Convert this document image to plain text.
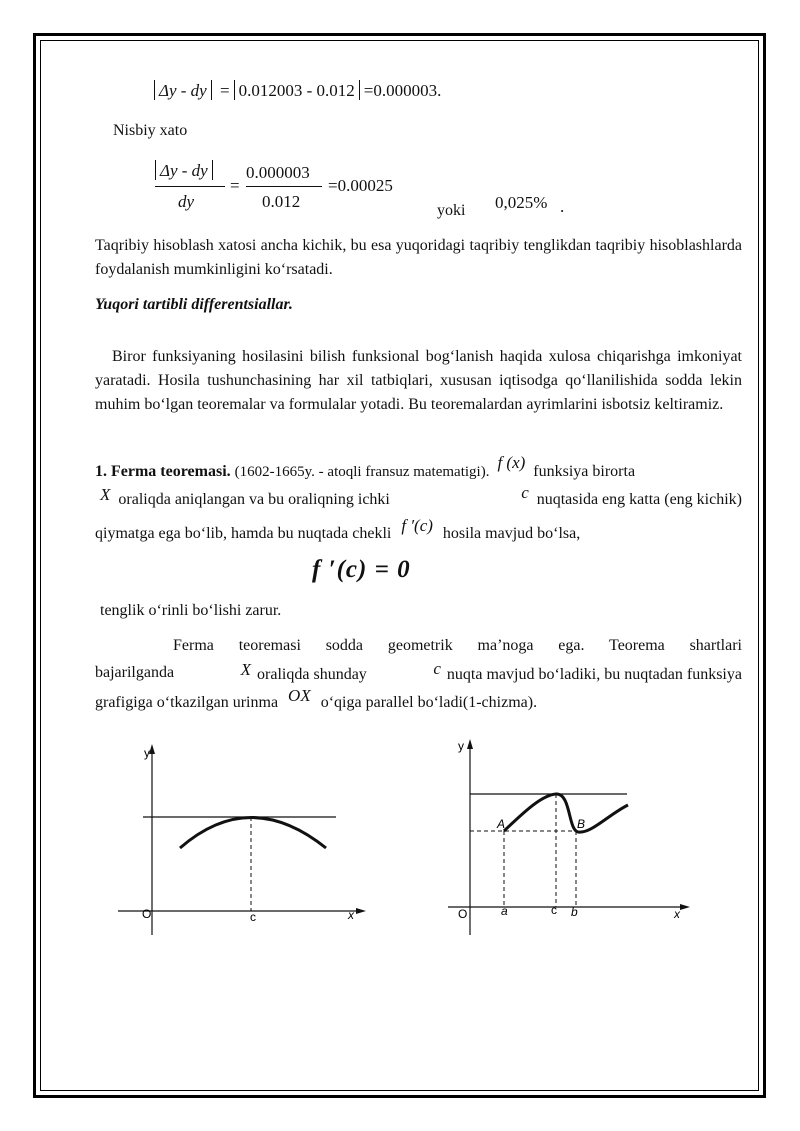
Δy - dy = 0.012003 - 0.012 =0.000003.
Nisbiy xato
Δy - dy
dy
=
0.000003
0.012
=0.00025
yoki 0,025% .
Taqribiy hisoblash xatosi ancha kichik, bu esa yuqoridagi taqribiy tenglikdan taqribiy hisoblashlarda foydalanish mumkinligini ko‘rsatadi.
Yuqori tartibli differentsiallar.
Biror funksiyaning hosilasini bilish funksional bog‘lanish haqida xulosa chiqarishga imkoniyat yaratadi. Hosila tushunchasining har xil tatbiqlari, xususan iqtisodga qo‘llanilishida sodda lekin muhim bo‘lgan teoremalar va formulalar yotadi. Bu teoremalardan ayrimlarini isbotsiz keltiramiz.
1. Ferma teoremasi. (1602-1665y. - atoqli fransuz matematigi). f (x) funksiya birorta
X oraliqda aniqlangan va bu oraliqning ichki	c nuqtasida eng katta (eng kichik)
qiymatga ega bo‘lib, hamda bu nuqtada chekli f ′(c) hosila mavjud bo‘lsa,
f ′(c) = 0
tenglik o‘rinli bo‘lishi zarur.
Ferma teoremasi sodda geometrik ma’noga ega. Teorema shartlari
bajarilganda	X oraliqda shunday	c nuqta mavjud bo‘ladiki, bu nuqtadan funksiya
grafigiga o‘tkazilgan urinma OX o‘qiga parallel bo‘ladi(1-chizma).
y
O	c	x
y
O	a	c b	x
A	B
